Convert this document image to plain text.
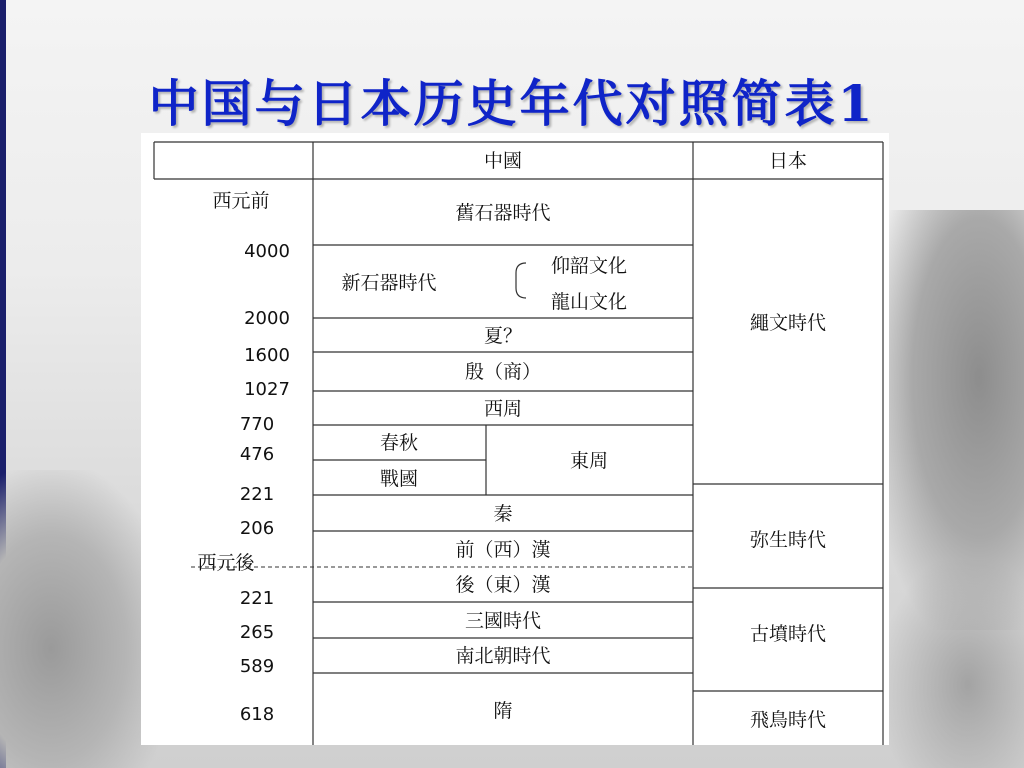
中国与日本历史年代对照简表1
中國	日本
西元前
4000
2000
1600
1027
770
476
221
206
西元後
221
265
589
618
舊石器時代
新石器時代
仰韶文化
龍山文化
夏？
殷（商）
西周
春秋
戰國
東周
秦
前（西）漢
後（東）漢
三國時代
南北朝時代
隋
繩文時代
弥生時代
古墳時代
飛鳥時代
